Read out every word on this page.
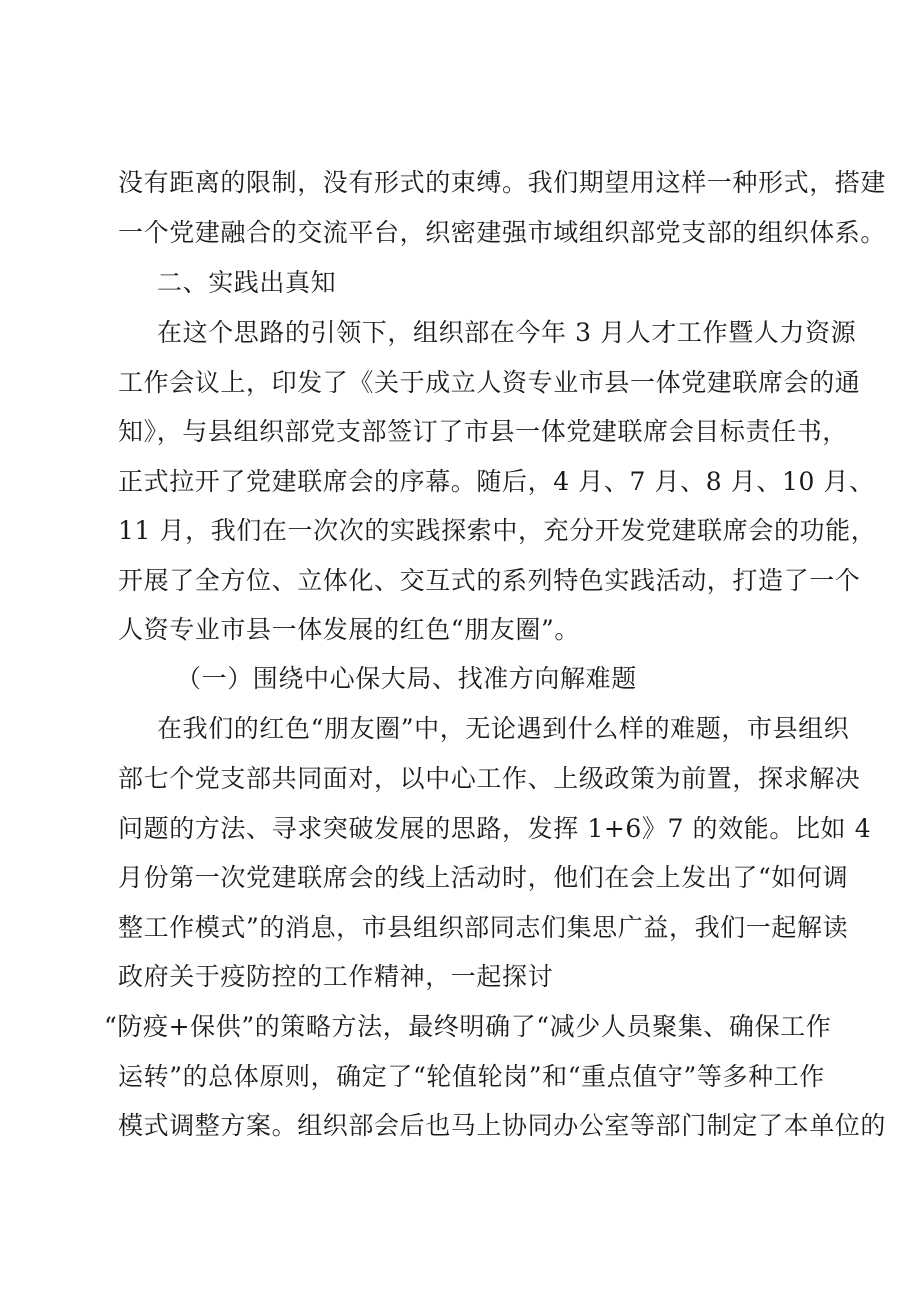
没有距离的限制，没有形式的束缚。我们期望用这样一种形式，搭建
一个党建融合的交流平台，织密建强市域组织部党支部的组织体系。
二、实践出真知
在这个思路的引领下，组织部在今年 3 月人才工作暨人力资源
工作会议上，印发了《关于成立人资专业市县一体党建联席会的通
知》，与县组织部党支部签订了市县一体党建联席会目标责任书，
正式拉开了党建联席会的序幕。随后，4 月、7 月、8 月、10 月、
11 月，我们在一次次的实践探索中，充分开发党建联席会的功能，
开展了全方位、立体化、交互式的系列特色实践活动，打造了一个
人资专业市县一体发展的红色“朋友圈”。
（一）围绕中心保大局、找准方向解难题
在我们的红色“朋友圈”中，无论遇到什么样的难题，市县组织
部七个党支部共同面对，以中心工作、上级政策为前置，探求解决
问题的方法、寻求突破发展的思路，发挥 1+6》7 的效能。比如 4
月份第一次党建联席会的线上活动时，他们在会上发出了“如何调
整工作模式”的消息，市县组织部同志们集思广益，我们一起解读
政府关于疫防控的工作精神，一起探讨
“防疫+保供”的策略方法，最终明确了“减少人员聚集、确保工作
运转”的总体原则，确定了“轮值轮岗”和“重点值守”等多种工作
模式调整方案。组织部会后也马上协同办公室等部门制定了本单位的
